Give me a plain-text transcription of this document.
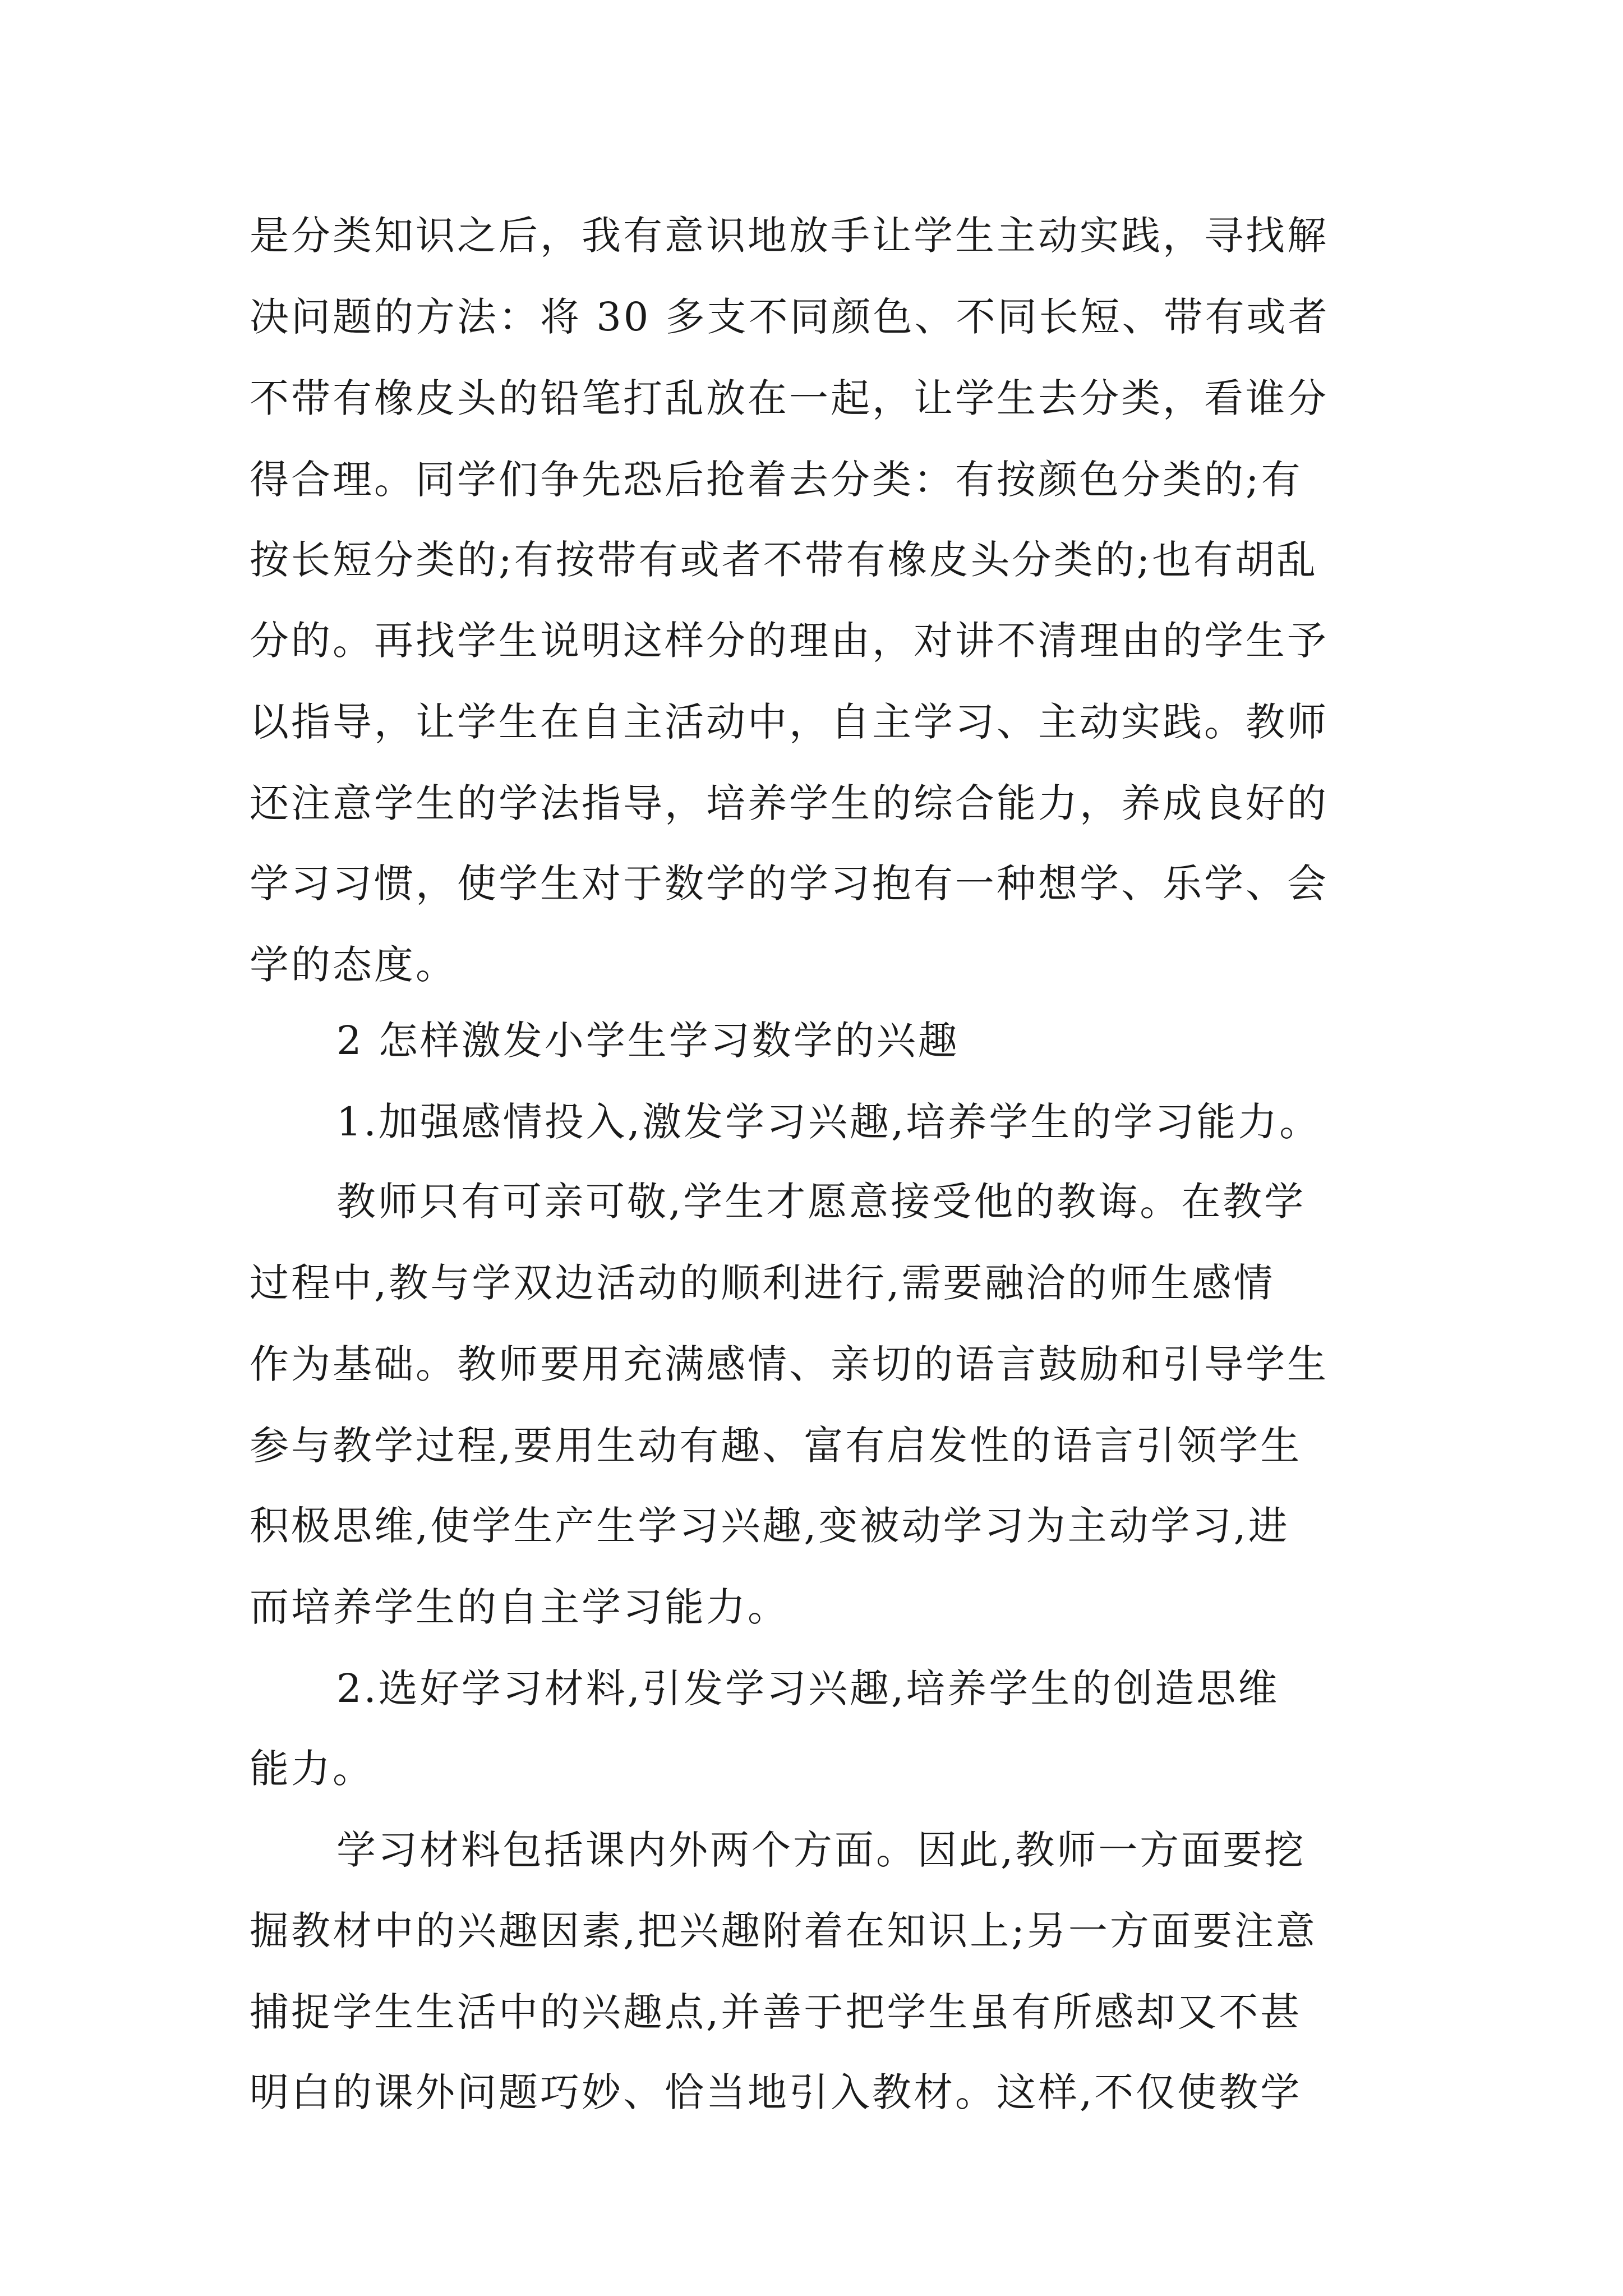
是分类知识之后，我有意识地放手让学生主动实践，寻找解
决问题的方法：将 30 多支不同颜色、不同长短、带有或者
不带有橡皮头的铅笔打乱放在一起，让学生去分类，看谁分
得合理。同学们争先恐后抢着去分类：有按颜色分类的;有
按长短分类的;有按带有或者不带有橡皮头分类的;也有胡乱
分的。再找学生说明这样分的理由，对讲不清理由的学生予
以指导，让学生在自主活动中，自主学习、主动实践。教师
还注意学生的学法指导，培养学生的综合能力，养成良好的
学习习惯，使学生对于数学的学习抱有一种想学、乐学、会
学的态度。
2 怎样激发小学生学习数学的兴趣
1.加强感情投入,激发学习兴趣,培养学生的学习能力。
教师只有可亲可敬,学生才愿意接受他的教诲。在教学
过程中,教与学双边活动的顺利进行,需要融洽的师生感情
作为基础。教师要用充满感情、亲切的语言鼓励和引导学生
参与教学过程,要用生动有趣、富有启发性的语言引领学生
积极思维,使学生产生学习兴趣,变被动学习为主动学习,进
而培养学生的自主学习能力。
2.选好学习材料,引发学习兴趣,培养学生的创造思维
能力。
学习材料包括课内外两个方面。因此,教师一方面要挖
掘教材中的兴趣因素,把兴趣附着在知识上;另一方面要注意
捕捉学生生活中的兴趣点,并善于把学生虽有所感却又不甚
明白的课外问题巧妙、恰当地引入教材。这样,不仅使教学
